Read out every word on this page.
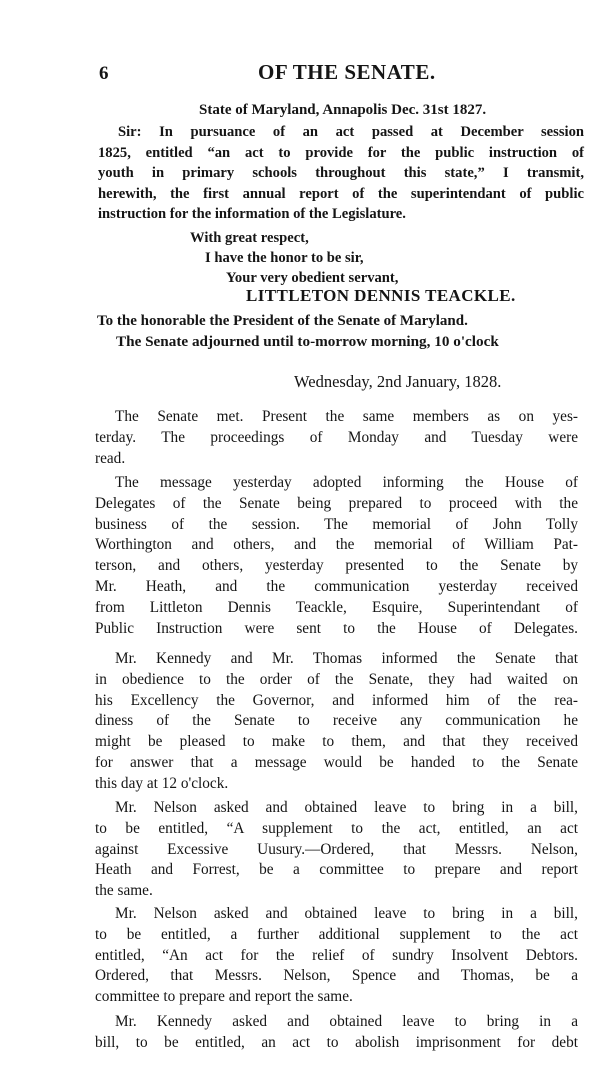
6	OF THE SENATE.
State of Maryland, Annapolis Dec. 31st 1827.
Sir: In pursuance of an act passed at December session
1825, entitled “an act to provide for the public instruction of
youth in primary schools throughout this state,” I transmit,
herewith, the first annual report of the superintendant of public
instruction for the information of the Legislature.
With great respect,
I have the honor to be sir,
Your very obedient servant,
LITTLETON DENNIS TEACKLE.
To the honorable the President of the Senate of Maryland.
The Senate adjourned until to-morrow morning, 10 o'clock
Wednesday, 2nd January, 1828.
The Senate met. Present the same members as on yes-
terday. The proceedings of Monday and Tuesday were
read.
The message yesterday adopted informing the House of
Delegates of the Senate being prepared to proceed with the
business of the session. The memorial of John Tolly
Worthington and others, and the memorial of William Pat-
terson, and others, yesterday presented to the Senate by
Mr. Heath, and the communication yesterday received
from Littleton Dennis Teackle, Esquire, Superintendant of
Public Instruction were sent to the House of Delegates.
Mr. Kennedy and Mr. Thomas informed the Senate that
in obedience to the order of the Senate, they had waited on
his Excellency the Governor, and informed him of the rea-
diness of the Senate to receive any communication he
might be pleased to make to them, and that they received
for answer that a message would be handed to the Senate
this day at 12 o'clock.
Mr. Nelson asked and obtained leave to bring in a bill,
to be entitled, “A supplement to the act, entitled, an act
against Excessive Uusury.—Ordered, that Messrs. Nelson,
Heath and Forrest, be a committee to prepare and report
the same.
Mr. Nelson asked and obtained leave to bring in a bill,
to be entitled, a further additional supplement to the act
entitled, “An act for the relief of sundry Insolvent Debtors.
Ordered, that Messrs. Nelson, Spence and Thomas, be a
committee to prepare and report the same.
Mr. Kennedy asked and obtained leave to bring in a
bill, to be entitled, an act to abolish imprisonment for debt
